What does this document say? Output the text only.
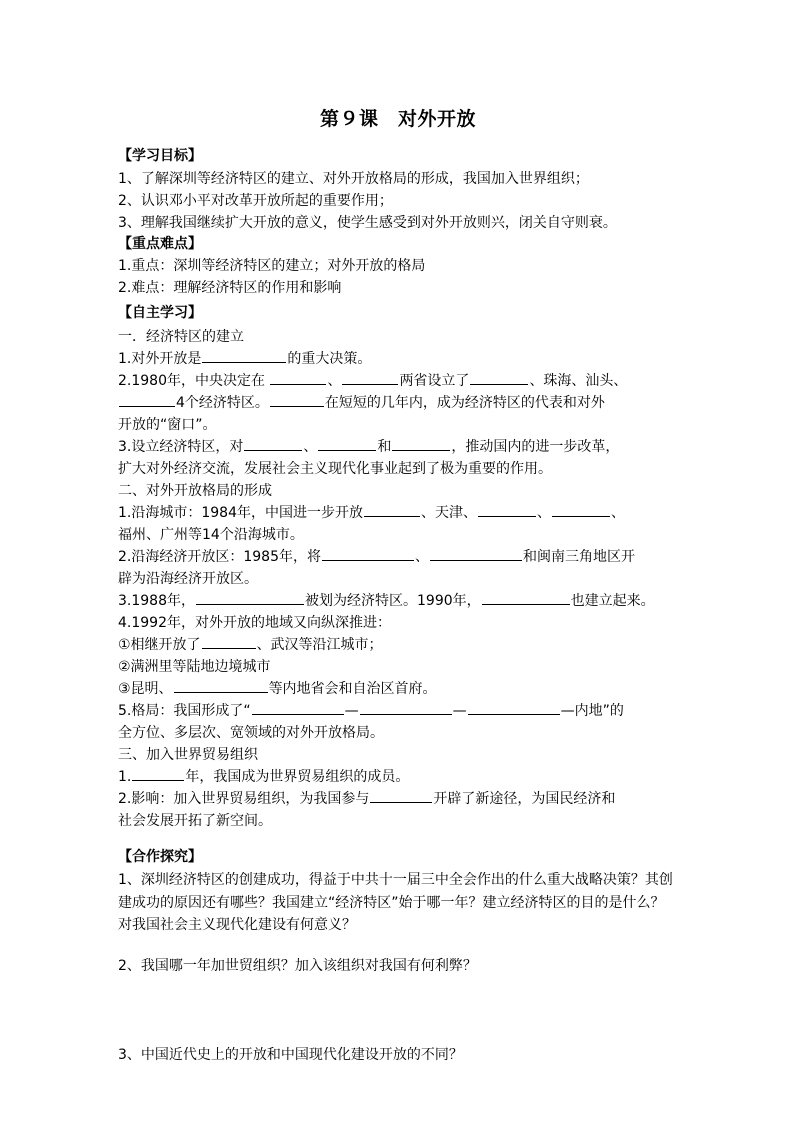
第９课　对外开放
【学习目标】
1、了解深圳等经济特区的建立、对外开放格局的形成，我国加入世界组织；
2、认识邓小平对改革开放所起的重要作用；
3、理解我国继续扩大开放的意义，使学生感受到对外开放则兴，闭关自守则衰。
【重点难点】
1.重点：深圳等经济特区的建立；对外开放的格局
2.难点：理解经济特区的作用和影响
【自主学习】
一．经济特区的建立
1.对外开放是	的重大决策。
2.1980年，中央决定在	、	两省设立了	、珠海、汕头、
4个经济特区。	在短短的几年内，成为经济特区的代表和对外
开放的“窗口”。
3.设立经济特区，对	、	和	，推动国内的进一步改革，
扩大对外经济交流，发展社会主义现代化事业起到了极为重要的作用。
二、对外开放格局的形成
1.沿海城市：1984年，中国进一步开放	、天津、	、	、
福州、广州等14个沿海城市。
2.沿海经济开放区：1985年，将	、	和闽南三角地区开
辟为沿海经济开放区。
3.1988年，	被划为经济特区。1990年，	也建立起来。
4.1992年，对外开放的地域又向纵深推进：
①相继开放了	、武汉等沿江城市；
②满洲里等陆地边境城市
③昆明、	等内地省会和自治区首府。
5.格局：我国形成了“	—	—	—内地”的
全方位、多层次、宽领域的对外开放格局。
三、加入世界贸易组织
1.	年，我国成为世界贸易组织的成员。
2.影响：加入世界贸易组织，为我国参与	开辟了新途径，为国民经济和
社会发展开拓了新空间。
【合作探究】
1、深圳经济特区的创建成功，得益于中共十一届三中全会作出的什么重大战略决策？其创建成功的原因还有哪些？我国建立“经济特区”始于哪一年？建立经济特区的目的是什么？对我国社会主义现代化建设有何意义？
2、我国哪一年加世贸组织？加入该组织对我国有何利弊？
3、中国近代史上的开放和中国现代化建设开放的不同？
